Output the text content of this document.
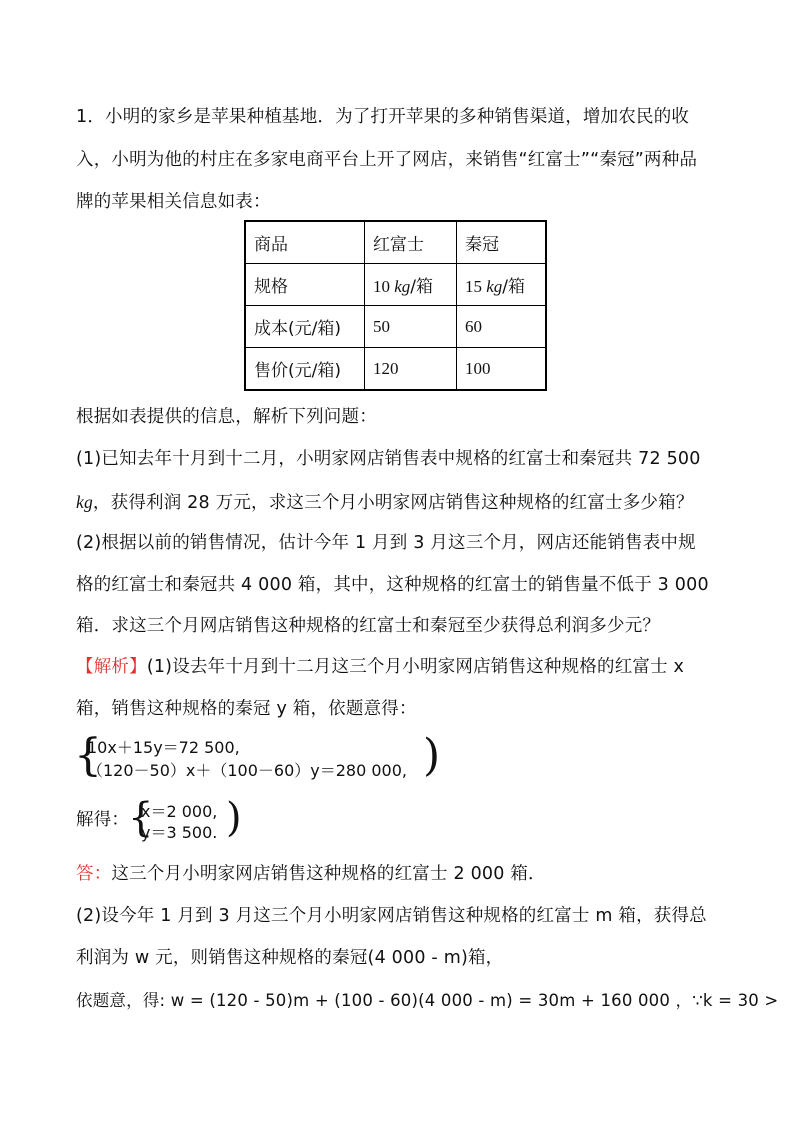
1．小明的家乡是苹果种植基地．为了打开苹果的多种销售渠道，增加农民的收
入，小明为他的村庄在多家电商平台上开了网店，来销售“红富士”“秦冠”两种品
牌的苹果相关信息如表：
商品	红富士	秦冠
规格	10 kg/箱	15 kg/箱
成本(元/箱)	50	60
售价(元/箱)	120	100
根据如表提供的信息，解析下列问题：
(1)已知去年十月到十二月，小明家网店销售表中规格的红富士和秦冠共 72 500
kg，获得利润 28 万元，求这三个月小明家网店销售这种规格的红富士多少箱？
(2)根据以前的销售情况，估计今年 1 月到 3 月这三个月，网店还能销售表中规
格的红富士和秦冠共 4 000 箱，其中，这种规格的红富士的销售量不低于 3 000
箱．求这三个月网店销售这种规格的红富士和秦冠至少获得总利润多少元？
【解析】(1)设去年十月到十二月这三个月小明家网店销售这种规格的红富士 x
箱，销售这种规格的秦冠 y 箱，依题意得：
{
10x＋15y＝72 500,
（120－50）x＋（100－60）y＝280 000, )
解得：
{
x＝2 000,
y＝3 500. )
答：这三个月小明家网店销售这种规格的红富士 2 000 箱．
(2)设今年 1 月到 3 月这三个月小明家网店销售这种规格的红富士 m 箱，获得总
利润为 w 元，则销售这种规格的秦冠(4 000 - m)箱，
依题意，得: w = (120 - 50)m + (100 - 60)(4 000 - m) = 30m + 160 000 ，∵k = 30 >
